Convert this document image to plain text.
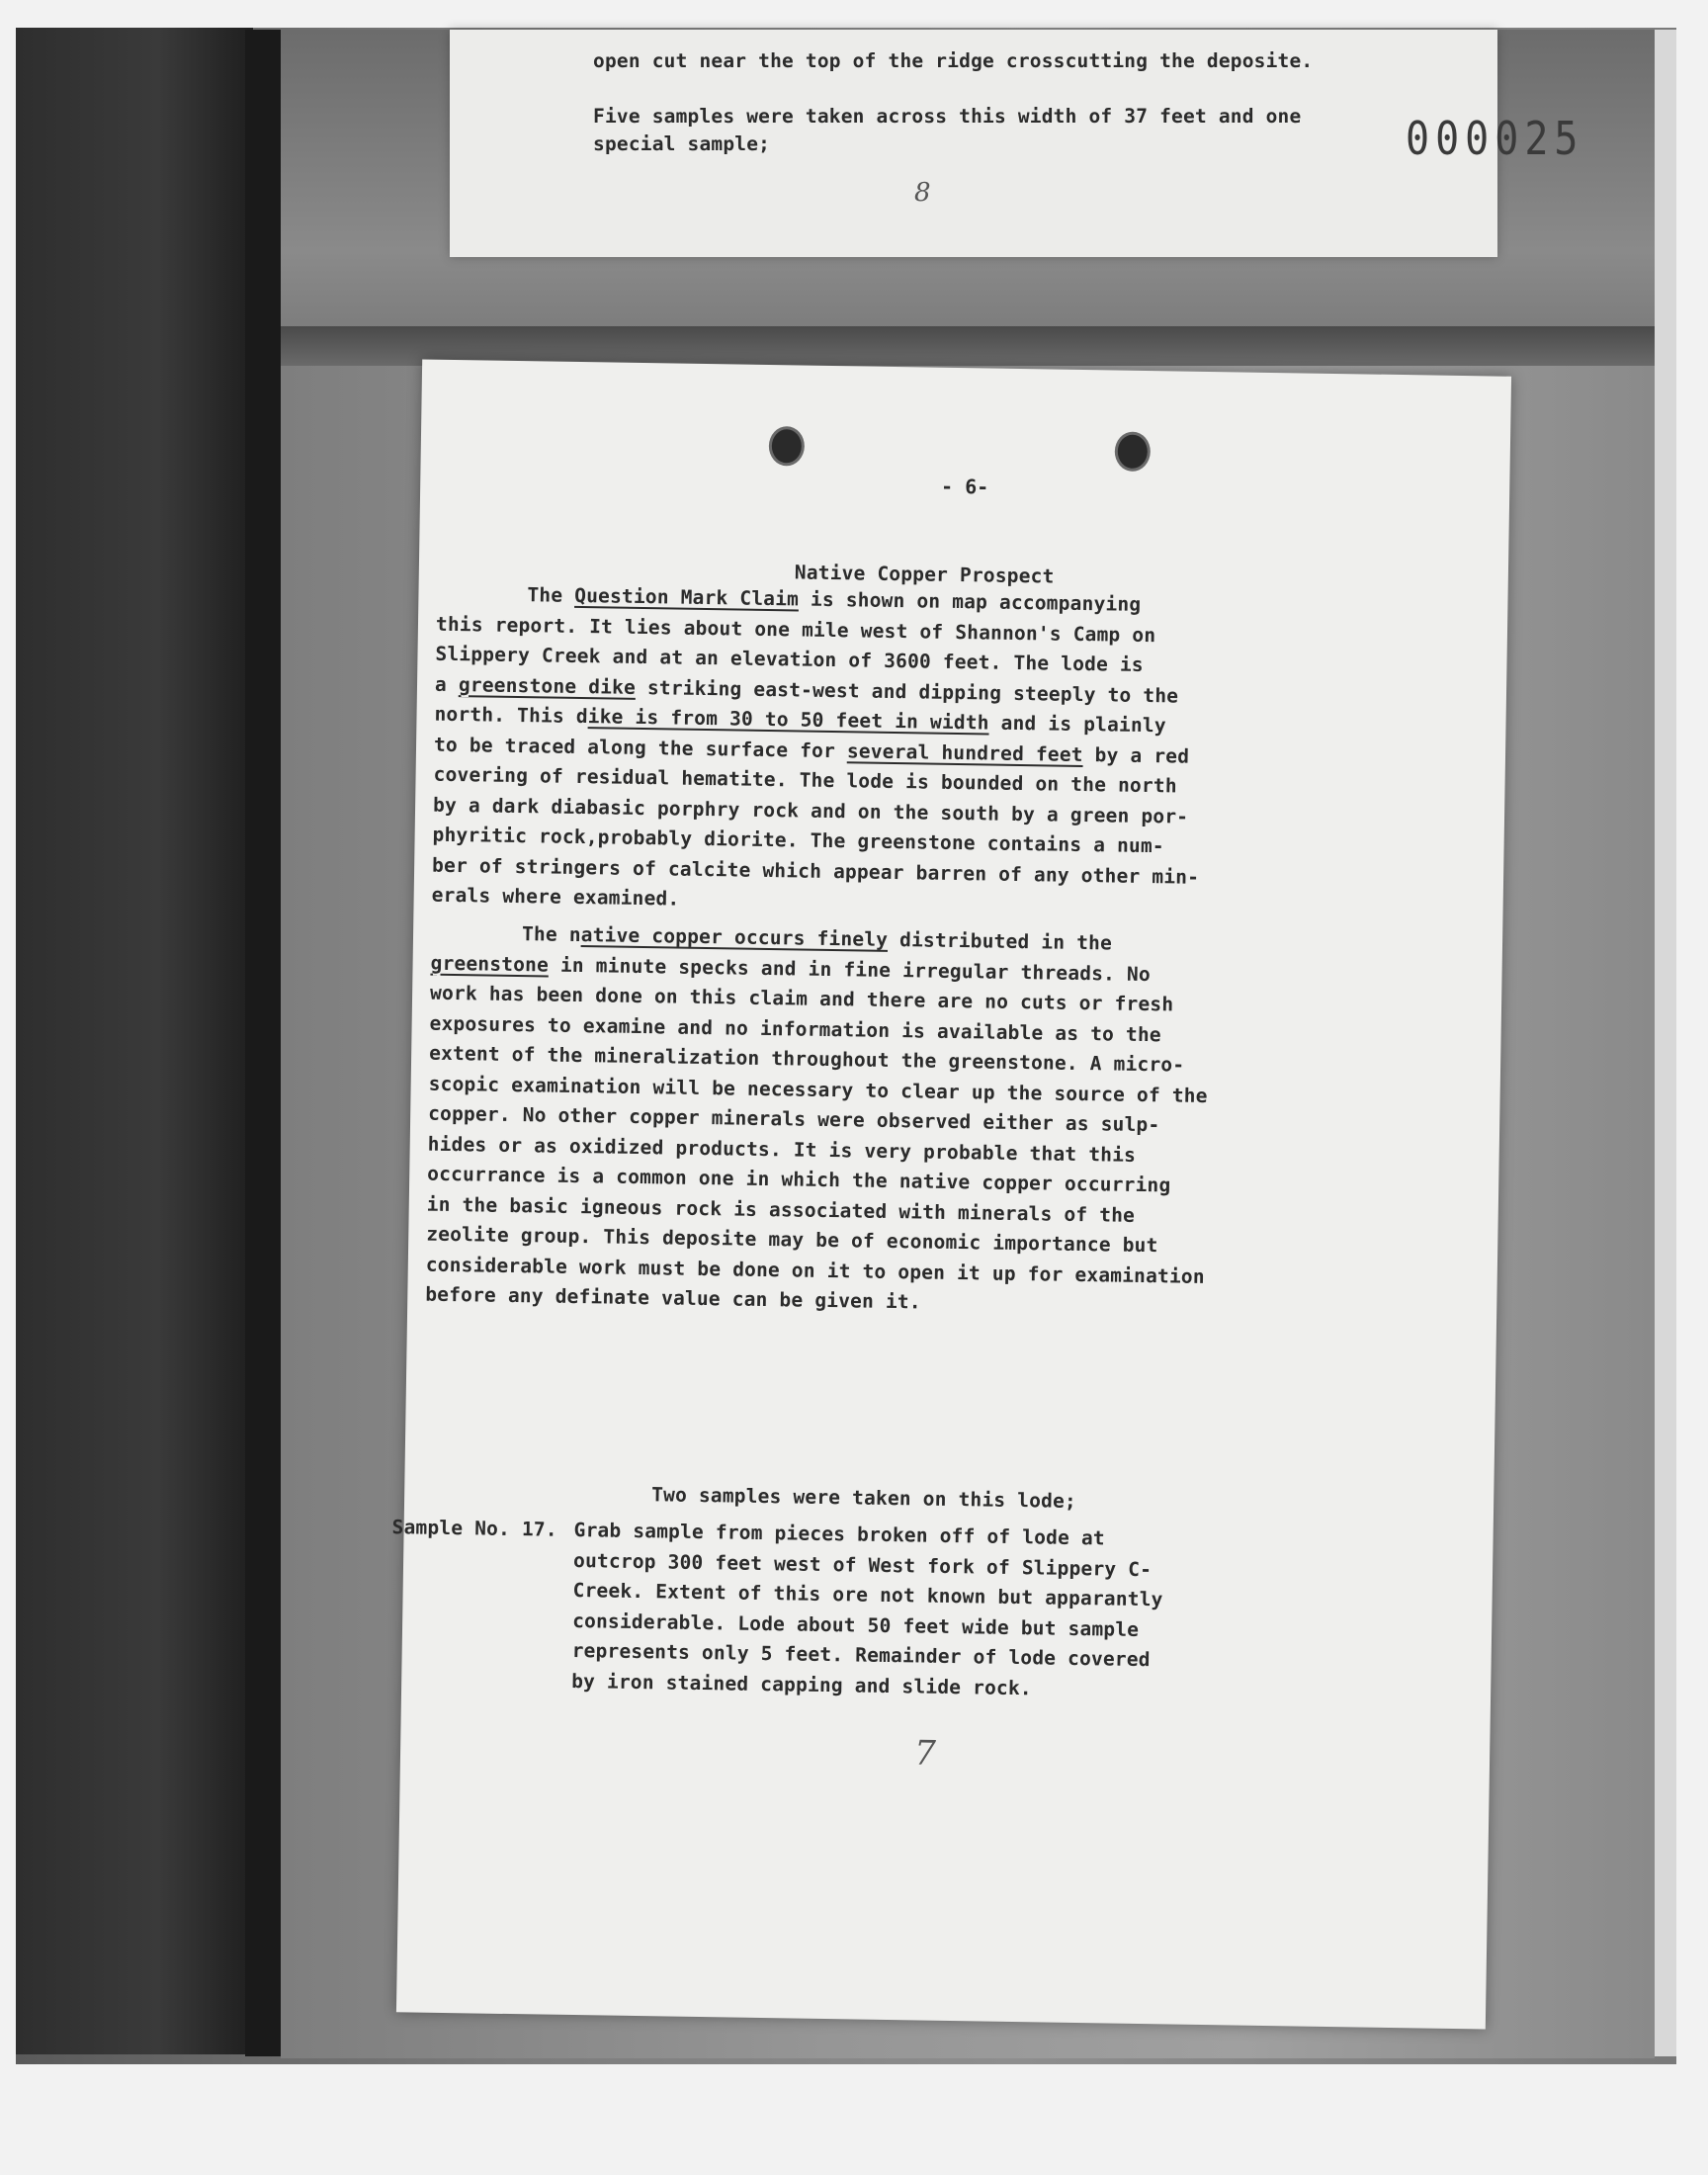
open cut near the top of the ridge crosscutting the deposite.
Five samples were taken across this width of 37 feet and one
special sample;
8
000025
- 6-
Native Copper Prospect
The Question Mark Claim is shown on map accompanying
this report. It lies about one mile west of Shannon's Camp on
Slippery Creek and at an elevation of 3600 feet. The lode is
a greenstone dike striking east-west and dipping steeply to the
north. This dike is from 30 to 50 feet in width and is plainly
to be traced along the surface for several hundred feet by a red
covering of residual hematite. The lode is bounded on the north
by a dark diabasic porphry rock and on the south by a green por-
phyritic rock,probably diorite. The greenstone contains a num-
ber of stringers of calcite which appear barren of any other min-
erals where examined.
The native copper occurs finely distributed in the
greenstone in minute specks and in fine irregular threads. No
work has been done on this claim and there are no cuts or fresh
exposures to examine and no information is available as to the
extent of the mineralization throughout the greenstone. A micro-
scopic examination will be necessary to clear up the source of the
copper. No other copper minerals were observed either as sulp-
hides or as oxidized products. It is very probable that this
occurrance is a common one in which the native copper occurring
in the basic igneous rock is associated with minerals of the
zeolite group. This deposite may be of economic importance but
considerable work must be done on it to open it up for examination
before any definate value can be given it.
Two samples were taken on this lode;
Sample No. 17. Grab sample from pieces broken off of lode at
outcrop 300 feet west of West fork of Slippery C-
Creek. Extent of this ore not known but apparantly
considerable. Lode about 50 feet wide but sample
represents only 5 feet. Remainder of lode covered
by iron stained capping and slide rock.
7
